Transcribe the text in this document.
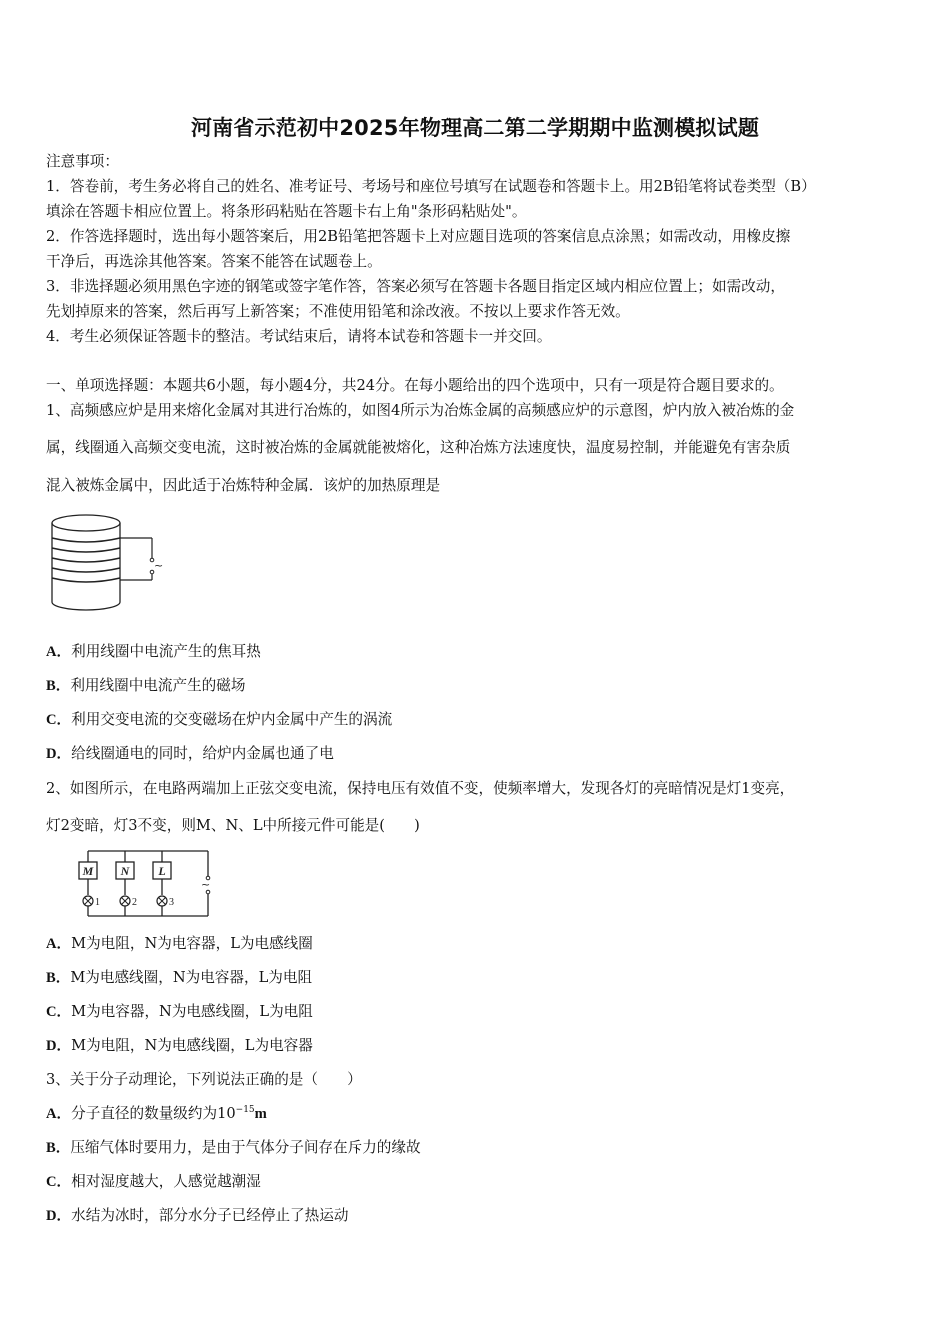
河南省示范初中2025年物理高二第二学期期中监测模拟试题
注意事项：
1．答卷前，考生务必将自己的姓名、准考证号、考场号和座位号填写在试题卷和答题卡上。用2B铅笔将试卷类型（B）
填涂在答题卡相应位置上。将条形码粘贴在答题卡右上角"条形码粘贴处"。
2．作答选择题时，选出每小题答案后，用2B铅笔把答题卡上对应题目选项的答案信息点涂黑；如需改动，用橡皮擦
干净后，再选涂其他答案。答案不能答在试题卷上。
3．非选择题必须用黑色字迹的钢笔或签字笔作答，答案必须写在答题卡各题目指定区域内相应位置上；如需改动，
先划掉原来的答案，然后再写上新答案；不准使用铅笔和涂改液。不按以上要求作答无效。
4．考生必须保证答题卡的整洁。考试结束后，请将本试卷和答题卡一并交回。
一、单项选择题：本题共6小题，每小题4分，共24分。在每小题给出的四个选项中，只有一项是符合题目要求的。
1、高频感应炉是用来熔化金属对其进行冶炼的，如图4所示为冶炼金属的高频感应炉的示意图，炉内放入被冶炼的金
属，线圈通入高频交变电流，这时被冶炼的金属就能被熔化，这种冶炼方法速度快，温度易控制，并能避免有害杂质
混入被炼金属中，因此适于冶炼特种金属．该炉的加热原理是
~
A．利用线圈中电流产生的焦耳热
B．利用线圈中电流产生的磁场
C．利用交变电流的交变磁场在炉内金属中产生的涡流
D．给线圈通电的同时，给炉内金属也通了电
2、如图所示，在电路两端加上正弦交变电流，保持电压有效值不变，使频率增大，发现各灯的亮暗情况是灯1变亮，
灯2变暗，灯3不变，则M、N、L中所接元件可能是(　　)
~
M
1
N
2
L
3
A．M为电阻，N为电容器，L为电感线圈
B．M为电感线圈，N为电容器，L为电阻
C．M为电容器，N为电感线圈，L为电阻
D．M为电阻，N为电感线圈，L为电容器
3、关于分子动理论，下列说法正确的是（　　）
A．分子直径的数量级约为$10^{-15}m$
B．压缩气体时要用力，是由于气体分子间存在斥力的缘故
C．相对湿度越大，人感觉越潮湿
D．水结为冰时，部分水分子已经停止了热运动
